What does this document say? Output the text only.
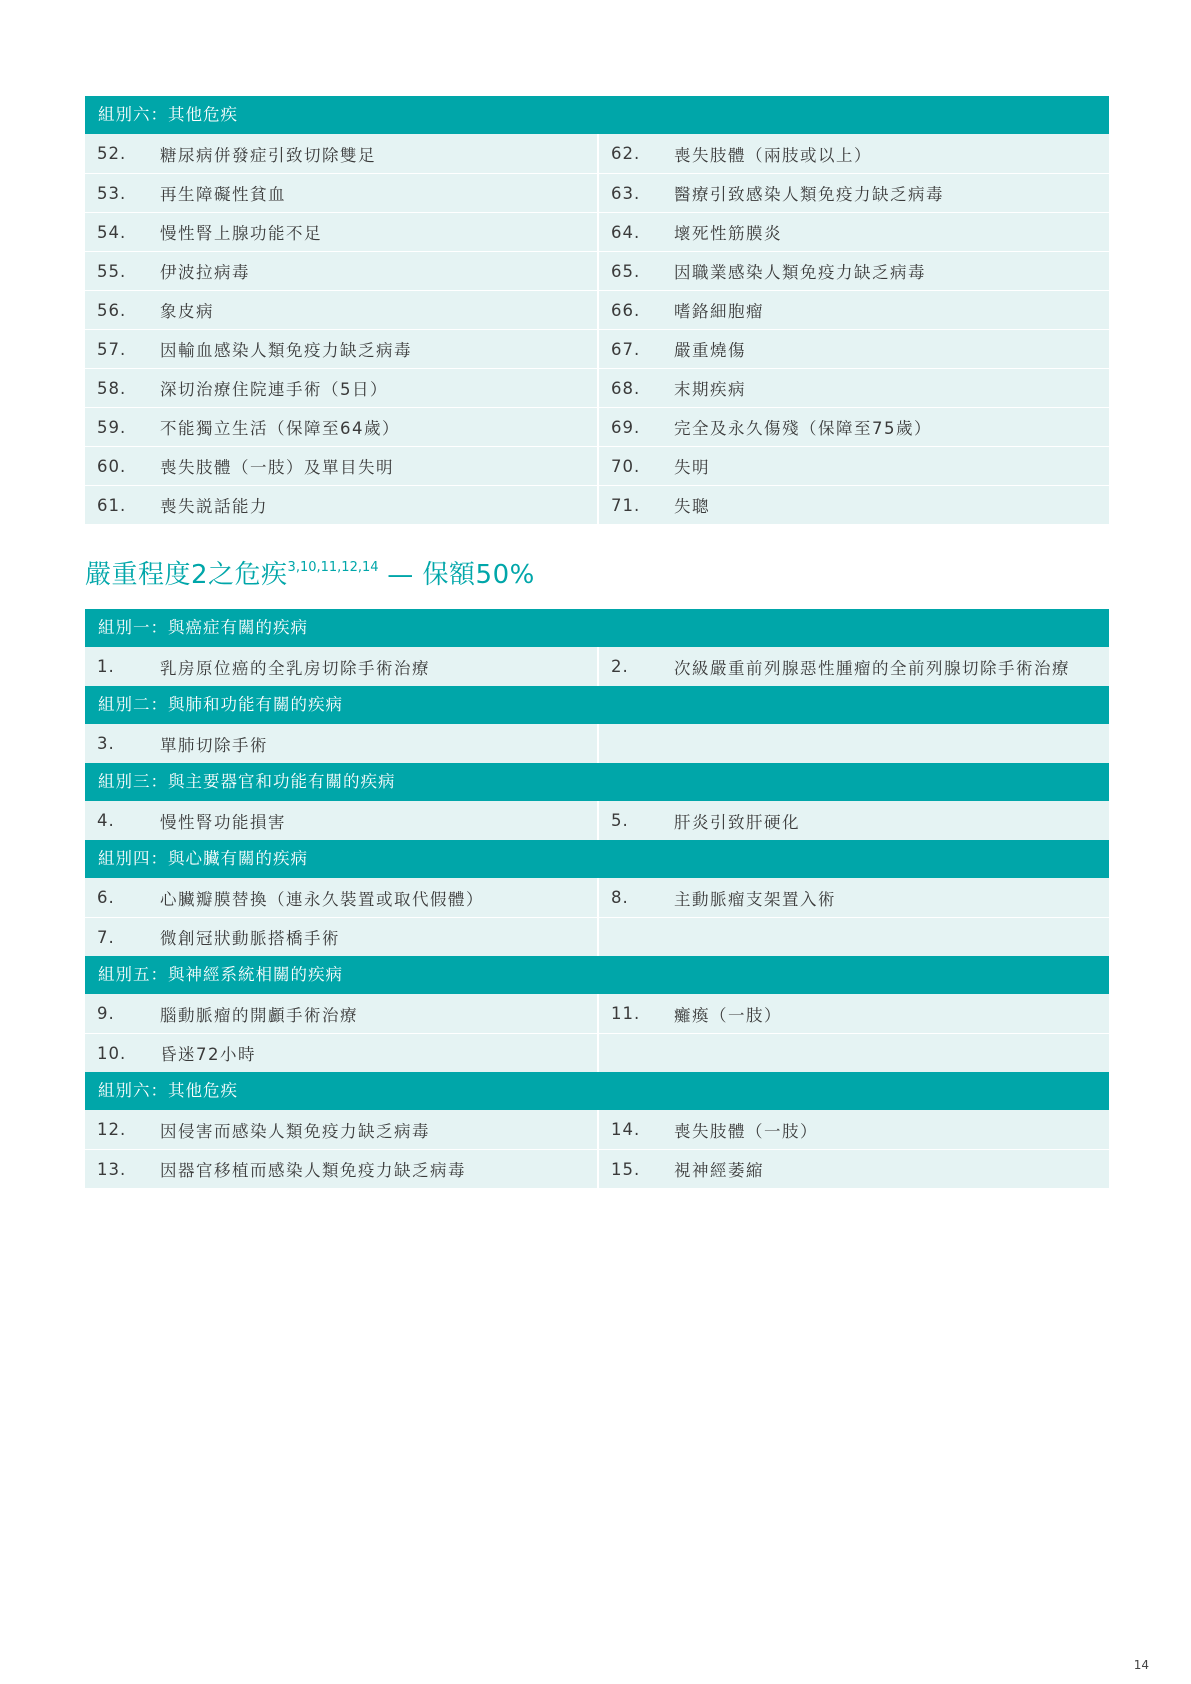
組別六：其他危疾
52.	糖尿病併發症引致切除雙足	62.	喪失肢體（兩肢或以上）
53.	再生障礙性貧血	63.	醫療引致感染人類免疫力缺乏病毒
54.	慢性腎上腺功能不足	64.	壞死性筋膜炎
55.	伊波拉病毒	65.	因職業感染人類免疫力缺乏病毒
56.	象皮病	66.	嗜鉻細胞瘤
57.	因輸血感染人類免疫力缺乏病毒	67.	嚴重燒傷
58.	深切治療住院連手術（5日）	68.	末期疾病
59.	不能獨立生活（保障至64歲）	69.	完全及永久傷殘（保障至75歲）
60.	喪失肢體（一肢）及單目失明	70.	失明
61.	喪失説話能力	71.	失聰
嚴重程度2之危疾$^{3,10,11,12,14}$ — 保額50%
組別一：與癌症有關的疾病
1.	乳房原位癌的全乳房切除手術治療	2.	次級嚴重前列腺惡性腫瘤的全前列腺切除手術治療
組別二：與肺和功能有關的疾病
3.	單肺切除手術
組別三：與主要器官和功能有關的疾病
4.	慢性腎功能損害	5.	肝炎引致肝硬化
組別四：與心臟有關的疾病
6.	心臟瓣膜替換（連永久裝置或取代假體）	8.	主動脈瘤支架置入術
7.	微創冠狀動脈搭橋手術
組別五：與神經系統相關的疾病
9.	腦動脈瘤的開顱手術治療	11.	癱瘓（一肢）
10.	昏迷72小時
組別六：其他危疾
12.	因侵害而感染人類免疫力缺乏病毒	14.	喪失肢體（一肢）
13.	因器官移植而感染人類免疫力缺乏病毒	15.	視神經萎縮
14
